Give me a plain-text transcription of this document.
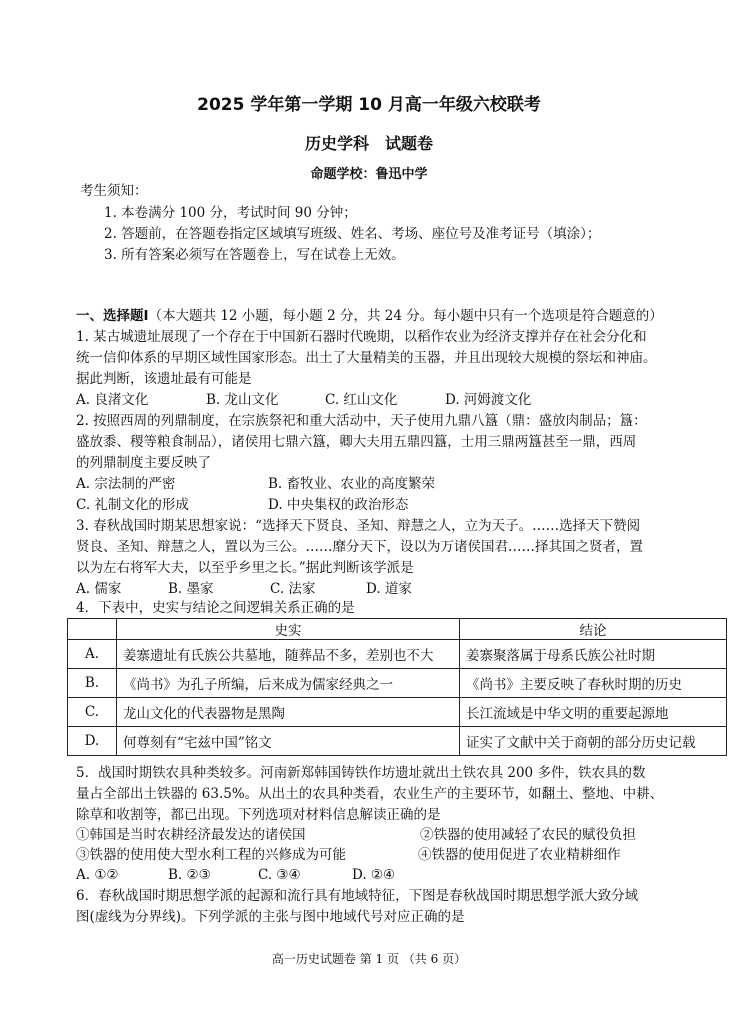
2025 学年第一学期 10 月高一年级六校联考
历史学科　试题卷
命题学校：鲁迅中学
考生须知：
1. 本卷满分 100 分，考试时间 90 分钟；
2. 答题前，在答题卷指定区域填写班级、姓名、考场、座位号及准考证号（填涂）；
3. 所有答案必须写在答题卷上，写在试卷上无效。
一、选择题Ⅰ（本大题共 12 小题，每小题 2 分，共 24 分。每小题中只有一个选项是符合题意的）
1. 某古城遗址展现了一个存在于中国新石器时代晚期，以稻作农业为经济支撑并存在社会分化和
统一信仰体系的早期区域性国家形态。出土了大量精美的玉器，并且出现较大规模的祭坛和神庙。
据此判断，该遗址最有可能是
A. 良渚文化	B. 龙山文化	C. 红山文化	D. 河姆渡文化
2. 按照西周的列鼎制度，在宗族祭祀和重大活动中，天子使用九鼎八簋（鼎：盛放肉制品；簋：
盛放黍、稷等粮食制品），诸侯用七鼎六簋，卿大夫用五鼎四簋，士用三鼎两簋甚至一鼎，西周
的列鼎制度主要反映了
A. 宗法制的严密	B. 畜牧业、农业的高度繁荣
C. 礼制文化的形成	D. 中央集权的政治形态
3. 春秋战国时期某思想家说：“选择天下贤良、圣知、辩慧之人，立为天子。……选择天下赞阅
贤良、圣知、辩慧之人，置以为三公。……靡分天下，设以为万诸侯国君……择其国之贤者，置
以为左右将军大夫，以至乎乡里之长。”据此判断该学派是
A. 儒家	B. 墨家	C. 法家	D. 道家
4．下表中，史实与结论之间逻辑关系正确的是
	史实	结论
A.	姜寨遗址有氏族公共墓地，随葬品不多，差别也不大	姜寨聚落属于母系氏族公社时期
B.	《尚书》为孔子所编，后来成为儒家经典之一	《尚书》主要反映了春秋时期的历史
C.	龙山文化的代表器物是黑陶	长江流域是中华文明的重要起源地
D.	何尊刻有“宅兹中国”铭文	证实了文献中关于商朝的部分历史记载
5．战国时期铁农具种类较多。河南新郑韩国铸铁作坊遗址就出土铁农具 200 多件，铁农具的数
量占全部出土铁器的 63.5%。从出土的农具种类看，农业生产的主要环节，如翻土、整地、中耕、
除草和收割等，都已出现。下列选项对材料信息解读正确的是
①韩国是当时农耕经济最发达的诸侯国	②铁器的使用减轻了农民的赋役负担
③铁器的使用使大型水利工程的兴修成为可能	④铁器的使用促进了农业精耕细作
A. ①②	B. ②③	C. ③④	D. ②④
6．春秋战国时期思想学派的起源和流行具有地域特征，下图是春秋战国时期思想学派大致分域
图(虚线为分界线)。下列学派的主张与图中地域代号对应正确的是
高一历史试题卷 第 1 页 （共 6 页）
